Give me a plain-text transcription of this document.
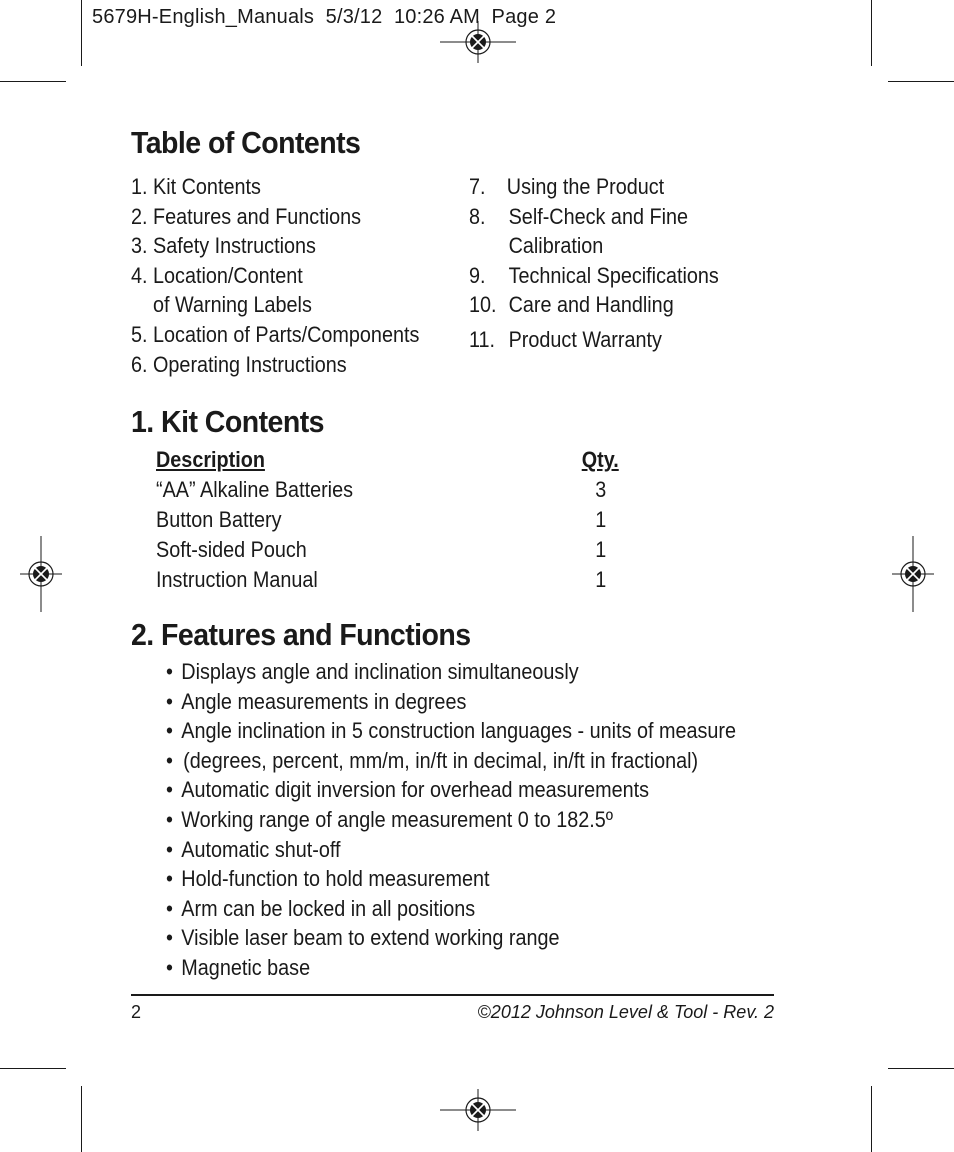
5679H-English_Manuals  5/3/12  10:26 AM  Page 2
Table of Contents
1. Kit Contents
2. Features and Functions
3. Safety Instructions
4. Location/Content
of Warning Labels
5. Location of Parts/Components
6. Operating Instructions
7. Using the Product
8.	Self-Check and Fine
Calibration
9.	Technical Specifications
10. Care and Handling
11. Product Warranty
1. Kit Contents
Description	Qty.
“AA” Alkaline Batteries	3
Button Battery	1
Soft-sided Pouch	1
Instruction Manual	1
2. Features and Functions
• Displays angle and inclination simultaneously
• Angle measurements in degrees
• Angle inclination in 5 construction languages - units of measure
• (degrees, percent, mm/m, in/ft in decimal, in/ft in fractional)
• Automatic digit inversion for overhead measurements
• Working range of angle measurement 0 to 182.5º
• Automatic shut-off
• Hold-function to hold measurement
• Arm can be locked in all positions
• Visible laser beam to extend working range
• Magnetic base
2	©2012 Johnson Level & Tool - Rev. 2
